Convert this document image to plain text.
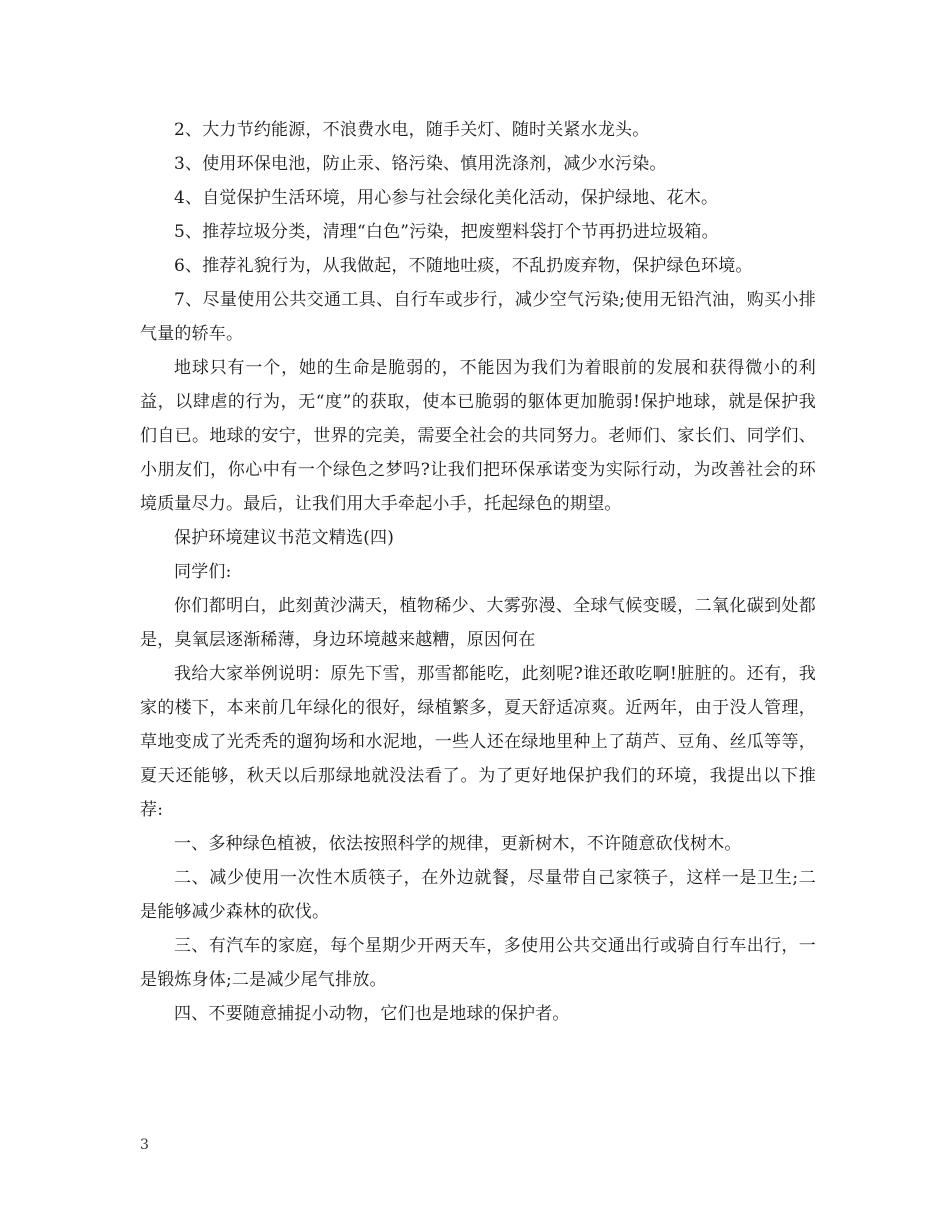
2、大力节约能源，不浪费水电，随手关灯、随时关紧水龙头。

3、使用环保电池，防止汞、铬污染、慎用洗涤剂，减少水污染。

4、自觉保护生活环境，用心参与社会绿化美化活动，保护绿地、花木。

5、推荐垃圾分类，清理“白色”污染，把废塑料袋打个节再扔进垃圾箱。

6、推荐礼貌行为，从我做起，不随地吐痰，不乱扔废弃物，保护绿色环境。

7、尽量使用公共交通工具、自行车或步行，减少空气污染;使用无铅汽油，购买小排气量的轿车。

地球只有一个，她的生命是脆弱的，不能因为我们为着眼前的发展和获得微小的利益，以肆虐的行为，无“度”的获取，使本已脆弱的躯体更加脆弱!保护地球，就是保护我们自已。地球的安宁，世界的完美，需要全社会的共同努力。老师们、家长们、同学们、小朋友们，你心中有一个绿色之梦吗?让我们把环保承诺变为实际行动，为改善社会的环境质量尽力。最后，让我们用大手牵起小手，托起绿色的期望。

保护环境建议书范文精选(四)

同学们:

你们都明白，此刻黄沙满天，植物稀少、大雾弥漫、全球气候变暖，二氧化碳到处都是，臭氧层逐渐稀薄，身边环境越来越糟，原因何在

我给大家举例说明：原先下雪，那雪都能吃，此刻呢?谁还敢吃啊!脏脏的。还有，我家的楼下，本来前几年绿化的很好，绿植繁多，夏天舒适凉爽。近两年，由于没人管理，草地变成了光秃秃的遛狗场和水泥地，一些人还在绿地里种上了葫芦、豆角、丝瓜等等，夏天还能够，秋天以后那绿地就没法看了。为了更好地保护我们的环境，我提出以下推荐:

一、多种绿色植被，依法按照科学的规律，更新树木，不许随意砍伐树木。

二、减少使用一次性木质筷子，在外边就餐，尽量带自己家筷子，这样一是卫生;二是能够减少森林的砍伐。

三、有汽车的家庭，每个星期少开两天车，多使用公共交通出行或骑自行车出行，一是锻炼身体;二是减少尾气排放。

四、不要随意捕捉小动物，它们也是地球的保护者。

3
